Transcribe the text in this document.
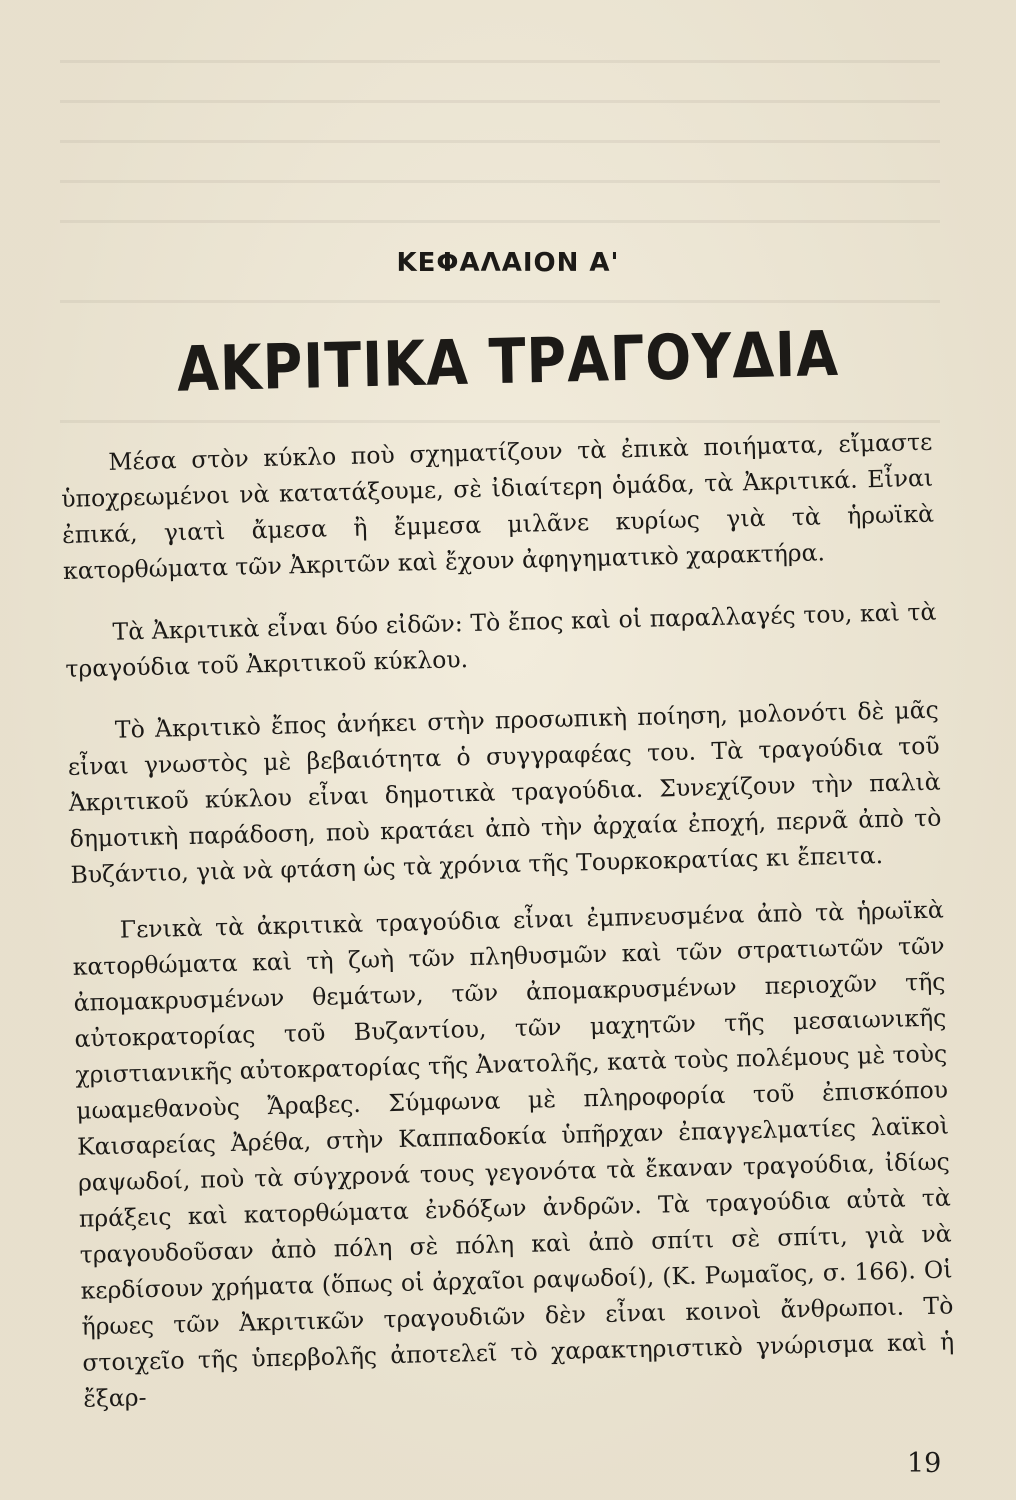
ΚΕΦΑΛΑΙΟΝ Α'
ΑΚΡΙΤΙΚΑ ΤΡΑΓΟΥΔΙΑ

Μέσα στὸν κύκλο ποὺ σχηματίζουν τὰ ἐπικὰ ποιήματα, εἴμαστε ὑποχρεωμένοι νὰ κατατάξουμε, σὲ ἰδιαίτερη ὁμάδα, τὰ Ἀκριτικά. Εἶναι ἐπικά, γιατὶ ἄμεσα ἢ ἔμμεσα μιλᾶνε κυρίως γιὰ τὰ ἡρωϊκὰ κατορθώματα τῶν Ἀκριτῶν καὶ ἔχουν ἀφηγηματικὸ χαρακτήρα.

Τὰ Ἀκριτικὰ εἶναι δύο εἰδῶν: Τὸ ἔπος καὶ οἱ παραλλαγές του, καὶ τὰ τραγούδια τοῦ Ἀκριτικοῦ κύκλου.

Τὸ Ἀκριτικὸ ἔπος ἀνήκει στὴν προσωπικὴ ποίηση, μολονότι δὲ μᾶς εἶναι γνωστὸς μὲ βεβαιότητα ὁ συγγραφέας του. Τὰ τραγούδια τοῦ Ἀκριτικοῦ κύκλου εἶναι δημοτικὰ τραγούδια. Συνεχίζουν τὴν παλιὰ δημοτικὴ παράδοση, ποὺ κρατάει ἀπὸ τὴν ἀρχαία ἐποχή, περνᾶ ἀπὸ τὸ Βυζάντιο, γιὰ νὰ φτάση ὡς τὰ χρόνια τῆς Τουρκοκρατίας κι ἔπειτα.

Γενικὰ τὰ ἀκριτικὰ τραγούδια εἶναι ἐμπνευσμένα ἀπὸ τὰ ἡρωϊκὰ κατορθώματα καὶ τὴ ζωὴ τῶν πληθυσμῶν καὶ τῶν στρατιωτῶν τῶν ἀπομακρυσμένων θεμάτων, τῶν ἀπομακρυσμένων περιοχῶν τῆς αὐτοκρατορίας τοῦ Βυζαντίου, τῶν μαχητῶν τῆς μεσαιωνικῆς χριστιανικῆς αὐτοκρατορίας τῆς Ἀνατολῆς, κατὰ τοὺς πολέμους μὲ τοὺς μωαμεθανοὺς Ἄραβες. Σύμφωνα μὲ πληροφορία τοῦ ἐπισκόπου Καισαρείας Ἀρέθα, στὴν Καππαδοκία ὑπῆρχαν ἐπαγγελματίες λαϊκοὶ ραψωδοί, ποὺ τὰ σύγχρονά τους γεγονότα τὰ ἔκαναν τραγούδια, ἰδίως πράξεις καὶ κατορθώματα ἐνδόξων ἀνδρῶν. Τὰ τραγούδια αὐτὰ τὰ τραγουδοῦσαν ἀπὸ πόλη σὲ πόλη καὶ ἀπὸ σπίτι σὲ σπίτι, γιὰ νὰ κερδίσουν χρήματα (ὅπως οἱ ἀρχαῖοι ραψωδοί), (Κ. Ρωμαῖος, σ. 166). Οἱ ἥρωες τῶν Ἀκριτικῶν τραγουδιῶν δὲν εἶναι κοινοὶ ἄνθρωποι. Τὸ στοιχεῖο τῆς ὑπερβολῆς ἀποτελεῖ τὸ χαρακτηριστικὸ γνώρισμα καὶ ἡ ἔξαρ-

19
